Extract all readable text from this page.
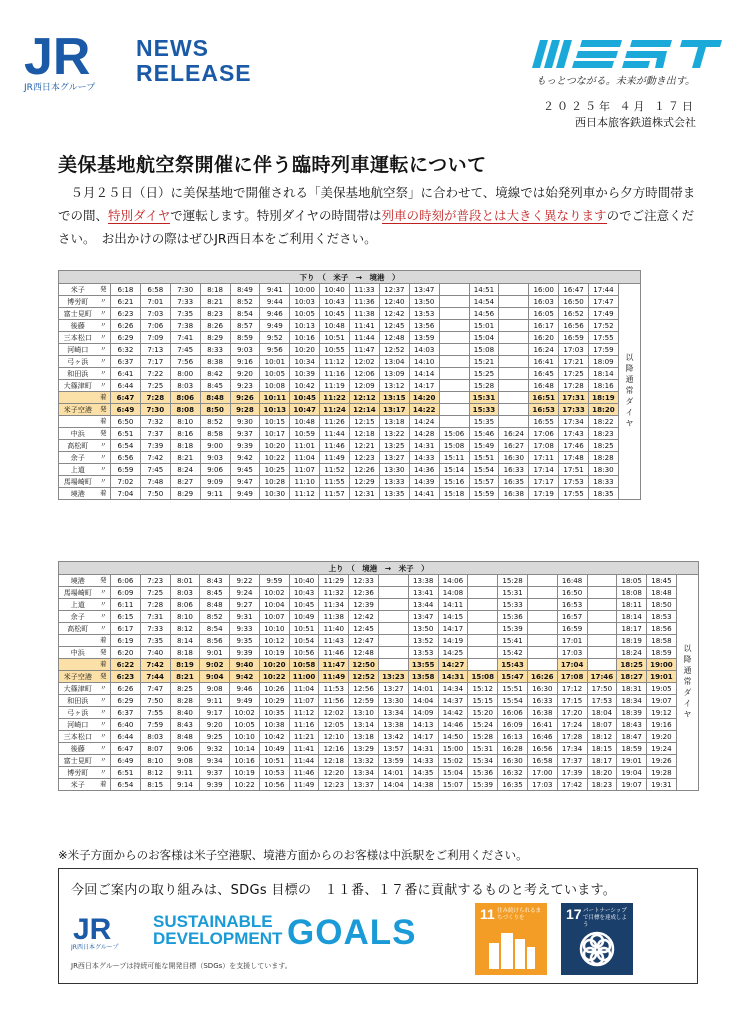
JR
JR西日本グループ
NEWS
RELEASE	もっとつながる。未来が動き出す。
２０２５年 ４月 １７日
西日本旅客鉄道株式会社
美保基地航空祭開催に伴う臨時列車運転について
　５月２５日（日）に美保基地で開催される「美保基地航空祭」に合わせて、境線では始発列車から夕方時間帯までの間、特別ダイヤで運転します。特別ダイヤの時間帯は列車の時刻が普段とは大きく異なりますのでご注意ください。　お出かけの際はぜひJR西日本をご利用ください。
下り　（　米子　→　境港　）																			
米子	発	6:18	6:58	7:30	8:18	8:49	9:41	10:00	10:40	11:33	12:37	13:47		14:51		16:00	16:47	17:44	以降通常ダイヤ
博労町	〃	6:21	7:01	7:33	8:21	8:52	9:44	10:03	10:43	11:36	12:40	13:50		14:54		16:03	16:50	17:47	
富士見町	〃	6:23	7:03	7:35	8:23	8:54	9:46	10:05	10:45	11:38	12:42	13:53		14:56		16:05	16:52	17:49	
後藤	〃	6:26	7:06	7:38	8:26	8:57	9:49	10:13	10:48	11:41	12:45	13:56		15:01		16:17	16:56	17:52	
三本松口	〃	6:29	7:09	7:41	8:29	8:59	9:52	10:16	10:51	11:44	12:48	13:59		15:04		16:20	16:59	17:55	
河崎口	〃	6:32	7:13	7:45	8:33	9:03	9:56	10:20	10:55	11:47	12:52	14:03		15:08		16:24	17:03	17:59	
弓ヶ浜	〃	6:37	7:17	7:56	8:38	9:16	10:01	10:34	11:12	12:02	13:04	14:10		15:21		16:41	17:21	18:09	
和田浜	〃	6:41	7:22	8:00	8:42	9:20	10:05	10:39	11:16	12:06	13:09	14:14		15:25		16:45	17:25	18:14	
大篠津町	〃	6:44	7:25	8:03	8:45	9:23	10:08	10:42	11:19	12:09	13:12	14:17		15:28		16:48	17:28	18:16	
	着	6:47	7:28	8:06	8:48	9:26	10:11	10:45	11:22	12:12	13:15	14:20		15:31		16:51	17:31	18:19	
米子空港	発	6:49	7:30	8:08	8:50	9:28	10:13	10:47	11:24	12:14	13:17	14:22		15:33		16:53	17:33	18:20	
	着	6:50	7:32	8:10	8:52	9:30	10:15	10:48	11:26	12:15	13:18	14:24		15:35		16:55	17:34	18:22	
中浜	発	6:51	7:37	8:16	8:58	9:37	10:17	10:59	11:44	12:18	13:22	14:28	15:06	15:46	16:24	17:06	17:43	18:23	
高松町	〃	6:54	7:39	8:18	9:00	9:39	10:20	11:01	11:46	12:21	13:25	14:31	15:08	15:49	16:27	17:08	17:46	18:25	
余子	〃	6:56	7:42	8:21	9:03	9:42	10:22	11:04	11:49	12:23	13:27	14:33	15:11	15:51	16:30	17:11	17:48	18:28	
上道	〃	6:59	7:45	8:24	9:06	9:45	10:25	11:07	11:52	12:26	13:30	14:36	15:14	15:54	16:33	17:14	17:51	18:30	
馬場崎町	〃	7:02	7:48	8:27	9:09	9:47	10:28	11:10	11:55	12:29	13:33	14:39	15:16	15:57	16:35	17:17	17:53	18:33	
境港	着	7:04	7:50	8:29	9:11	9:49	10:30	11:12	11:57	12:31	13:35	14:41	15:18	15:59	16:38	17:19	17:55	18:35	
上り　（　境港　→　米子　）																					
境港	発	6:06	7:23	8:01	8:43	9:22	9:59	10:40	11:29	12:33		13:38	14:06		15:28		16:48		18:05	18:45	以降通常ダイヤ
馬場崎町	〃	6:09	7:25	8:03	8:45	9:24	10:02	10:43	11:32	12:36		13:41	14:08		15:31		16:50		18:08	18:48	
上道	〃	6:11	7:28	8:06	8:48	9:27	10:04	10:45	11:34	12:39		13:44	14:11		15:33		16:53		18:11	18:50	
余子	〃	6:15	7:31	8:10	8:52	9:31	10:07	10:49	11:38	12:42		13:47	14:15		15:36		16:57		18:14	18:53	
高松町	〃	6:17	7:33	8:12	8:54	9:33	10:10	10:51	11:40	12:45		13:50	14:17		15:39		16:59		18:17	18:56	
	着	6:19	7:35	8:14	8:56	9:35	10:12	10:54	11:43	12:47		13:52	14:19		15:41		17:01		18:19	18:58	
中浜	発	6:20	7:40	8:18	9:01	9:39	10:19	10:56	11:46	12:48		13:53	14:25		15:42		17:03		18:24	18:59	
	着	6:22	7:42	8:19	9:02	9:40	10:20	10:58	11:47	12:50		13:55	14:27		15:43		17:04		18:25	19:00	
米子空港	発	6:23	7:44	8:21	9:04	9:42	10:22	11:00	11:49	12:52	13:23	13:58	14:31	15:08	15:47	16:26	17:08	17:46	18:27	19:01	
大篠津町	〃	6:26	7:47	8:25	9:08	9:46	10:26	11:04	11:53	12:56	13:27	14:01	14:34	15:12	15:51	16:30	17:12	17:50	18:31	19:05	
和田浜	〃	6:29	7:50	8:28	9:11	9:49	10:29	11:07	11:56	12:59	13:30	14:04	14:37	15:15	15:54	16:33	17:15	17:53	18:34	19:07	
弓ヶ浜	〃	6:37	7:55	8:40	9:17	10:02	10:35	11:12	12:02	13:10	13:34	14:09	14:42	15:20	16:06	16:38	17:20	18:04	18:39	19:12	
河崎口	〃	6:40	7:59	8:43	9:20	10:05	10:38	11:16	12:05	13:14	13:38	14:13	14:46	15:24	16:09	16:41	17:24	18:07	18:43	19:16	
三本松口	〃	6:44	8:03	8:48	9:25	10:10	10:42	11:21	12:10	13:18	13:42	14:17	14:50	15:28	16:13	16:46	17:28	18:12	18:47	19:20	
後藤	〃	6:47	8:07	9:06	9:32	10:14	10:49	11:41	12:16	13:29	13:57	14:31	15:00	15:31	16:28	16:56	17:34	18:15	18:59	19:24	
富士見町	〃	6:49	8:10	9:08	9:34	10:16	10:51	11:44	12:18	13:32	13:59	14:33	15:02	15:34	16:30	16:58	17:37	18:17	19:01	19:26	
博労町	〃	6:51	8:12	9:11	9:37	10:19	10:53	11:46	12:20	13:34	14:01	14:35	15:04	15:36	16:32	17:00	17:39	18:20	19:04	19:28	
米子	着	6:54	8:15	9:14	9:39	10:22	10:56	11:49	12:23	13:37	14:04	14:38	15:07	15:39	16:35	17:03	17:42	18:23	19:07	19:31	
※米子方面からのお客様は米子空港駅、境港方面からのお客様は中浜駅をご利用ください。
今回ご案内の取り組みは、SDGs 目標の　１１番、１７番に貢献するものと考えています。
JR
JR西日本グループ
SUSTAINABLE
DEVELOPMENT GOALS
JR西日本グループは持続可能な開発目標（SDGs）を支援しています。
11 住み続けられるまちづくりを	17 パートナーシップで目標を達成しよう
